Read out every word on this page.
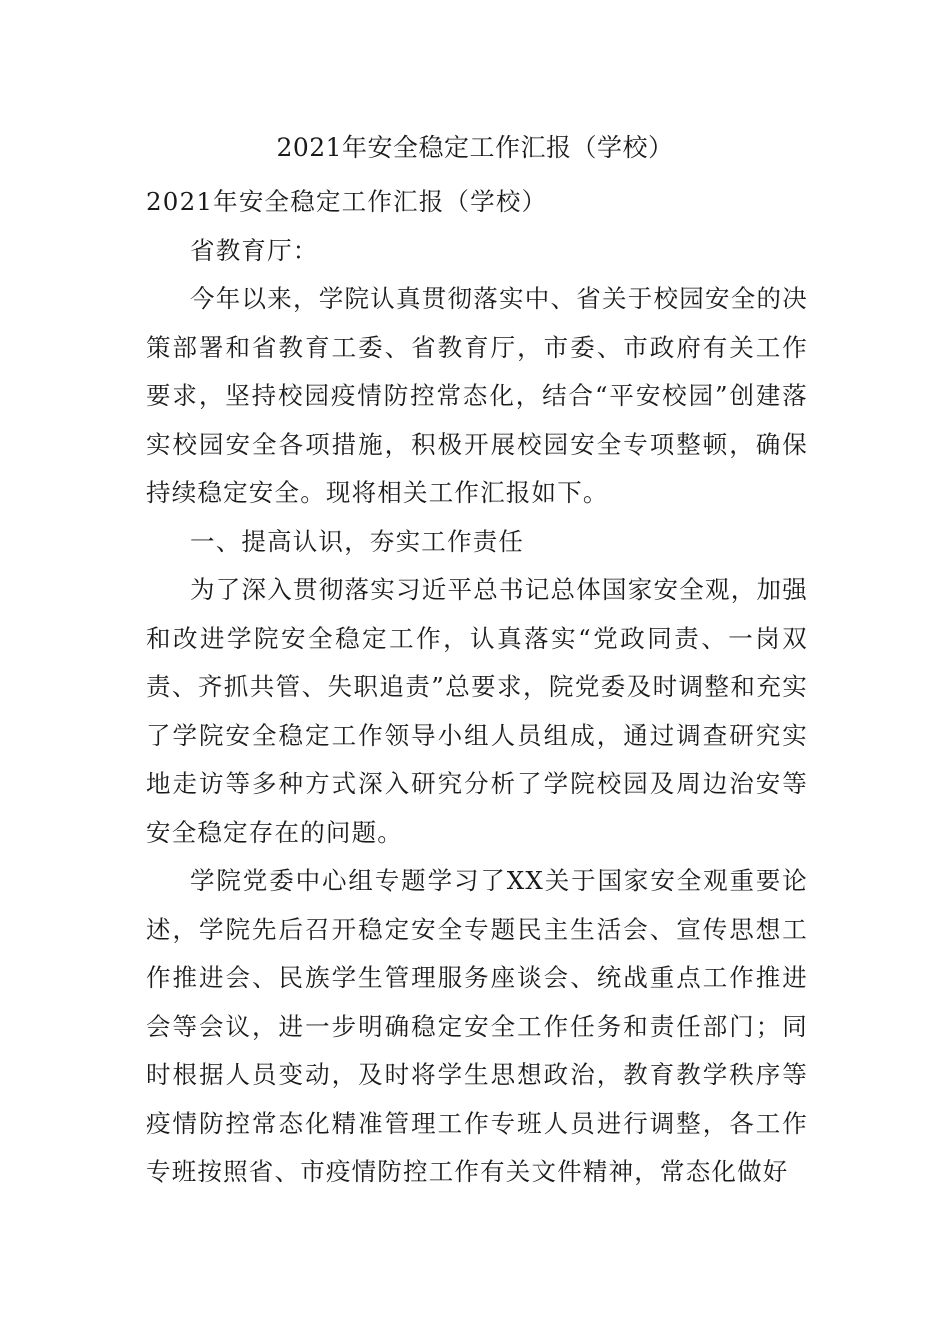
2021年安全稳定工作汇报（学校）

2021年安全稳定工作汇报（学校）

省教育厅：

今年以来，学院认真贯彻落实中、省关于校园安全的决策部署和省教育工委、省教育厅，市委、市政府有关工作要求，坚持校园疫情防控常态化，结合“平安校园”创建落实校园安全各项措施，积极开展校园安全专项整顿，确保持续稳定安全。现将相关工作汇报如下。

一、提高认识，夯实工作责任

为了深入贯彻落实习近平总书记总体国家安全观，加强和改进学院安全稳定工作，认真落实“党政同责、一岗双责、齐抓共管、失职追责”总要求，院党委及时调整和充实了学院安全稳定工作领导小组人员组成，通过调查研究实地走访等多种方式深入研究分析了学院校园及周边治安等安全稳定存在的问题。

学院党委中心组专题学习了XX关于国家安全观重要论述，学院先后召开稳定安全专题民主生活会、宣传思想工作推进会、民族学生管理服务座谈会、统战重点工作推进会等会议，进一步明确稳定安全工作任务和责任部门；同时根据人员变动，及时将学生思想政治，教育教学秩序等疫情防控常态化精准管理工作专班人员进行调整，各工作专班按照省、市疫情防控工作有关文件精神，常态化做好
